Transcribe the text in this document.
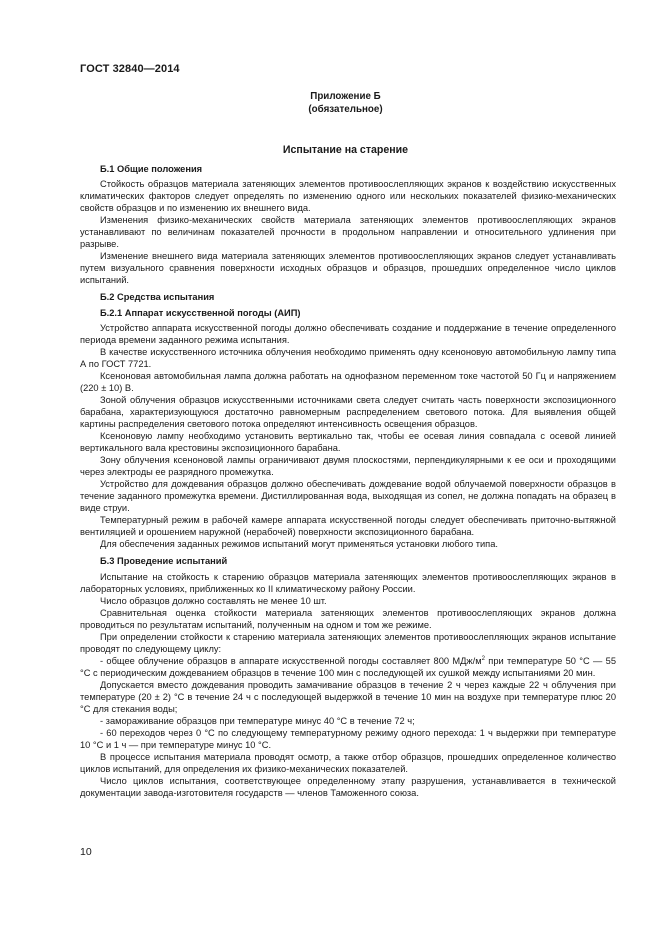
ГОСТ 32840—2014
Приложение Б
(обязательное)
Испытание на старение
Б.1 Общие положения

Стойкость образцов материала затеняющих элементов противоослепляющих экранов к воздействию искусственных климатических факторов следует определять по изменению одного или нескольких показателей физико-механических свойств образцов и по изменению их внешнего вида.

Изменения физико-механических свойств материала затеняющих элементов противоослепляющих экранов устанавливают по величинам показателей прочности в продольном направлении и относительного удлинения при разрыве.

Изменение внешнего вида материала затеняющих элементов противоослепляющих экранов следует устанавливать путем визуального сравнения поверхности исходных образцов и образцов, прошедших определенное число циклов испытаний.

Б.2 Средства испытания
Б.2.1 Аппарат искусственной погоды (АИП)

Устройство аппарата искусственной погоды должно обеспечивать создание и поддержание в течение определенного периода времени заданного режима испытания.

В качестве искусственного источника облучения необходимо применять одну ксеноновую автомобильную лампу типа А по ГОСТ 7721.

Ксеноновая автомобильная лампа должна работать на однофазном переменном токе частотой 50 Гц и напряжением (220 ± 10) В.

Зоной облучения образцов искусственными источниками света следует считать часть поверхности экспозиционного барабана, характеризующуюся достаточно равномерным распределением светового потока. Для выявления общей картины распределения светового потока определяют интенсивность освещения образцов.

Ксеноновую лампу необходимо установить вертикально так, чтобы ее осевая линия совпадала с осевой линией вертикального вала крестовины экспозиционного барабана.

Зону облучения ксеноновой лампы ограничивают двумя плоскостями, перпендикулярными к ее оси и проходящими через электроды ее разрядного промежутка.

Устройство для дождевания образцов должно обеспечивать дождевание водой облучаемой поверхности образцов в течение заданного промежутка времени. Дистиллированная вода, выходящая из сопел, не должна попадать на образец в виде струи.

Температурный режим в рабочей камере аппарата искусственной погоды следует обеспечивать приточно-вытяжной вентиляцией и орошением наружной (нерабочей) поверхности экспозиционного барабана.

Для обеспечения заданных режимов испытаний могут применяться установки любого типа.

Б.3 Проведение испытаний

Испытание на стойкость к старению образцов материала затеняющих элементов противоослепляющих экранов в лабораторных условиях, приближенных ко II климатическому району России.

Число образцов должно составлять не менее 10 шт.

Сравнительная оценка стойкости материала затеняющих элементов противоослепляющих экранов должна проводиться по результатам испытаний, полученным на одном и том же режиме.

При определении стойкости к старению материала затеняющих элементов противоослепляющих экранов испытание проводят по следующему циклу:

- общее облучение образцов в аппарате искусственной погоды составляет 800 МДж/$м^2$ при температуре 50 °С — 55 °С с периодическим дождеванием образцов в течение 100 мин с последующей их сушкой между испытаниями 20 мин.

Допускается вместо дождевания проводить замачивание образцов в течение 2 ч через каждые 22 ч облучения при температуре (20 ± 2) °С в течение 24 ч с последующей выдержкой в течение 10 мин на воздухе при температуре плюс 20 °С для стекания воды;

- замораживание образцов при температуре минус 40 °С в течение 72 ч;

- 60 переходов через 0 °С по следующему температурному режиму одного перехода: 1 ч выдержки при температуре 10 °С и 1 ч — при температуре минус 10 °С.

В процессе испытания материала проводят осмотр, а также отбор образцов, прошедших определенное количество циклов испытаний, для определения их физико-механических показателей.

Число циклов испытания, соответствующее определенному этапу разрушения, устанавливается в технической документации завода-изготовителя государств — членов Таможенного союза.

10
